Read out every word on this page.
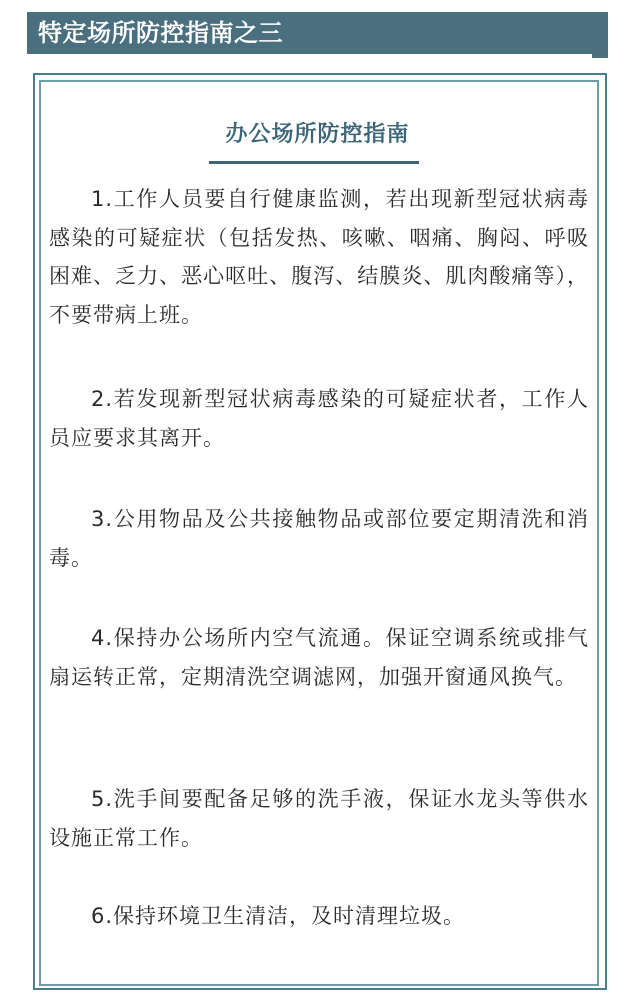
特定场所防控指南之三
办公场所防控指南

1.工作人员要自行健康监测，若出现新型冠状病毒感染的可疑症状（包括发热、咳嗽、咽痛、胸闷、呼吸困难、乏力、恶心呕吐、腹泻、结膜炎、肌肉酸痛等），不要带病上班。

2.若发现新型冠状病毒感染的可疑症状者，工作人员应要求其离开。

3.公用物品及公共接触物品或部位要定期清洗和消毒。

4.保持办公场所内空气流通。保证空调系统或排气扇运转正常，定期清洗空调滤网，加强开窗通风换气。

5.洗手间要配备足够的洗手液，保证水龙头等供水设施正常工作。

6.保持环境卫生清洁，及时清理垃圾。
